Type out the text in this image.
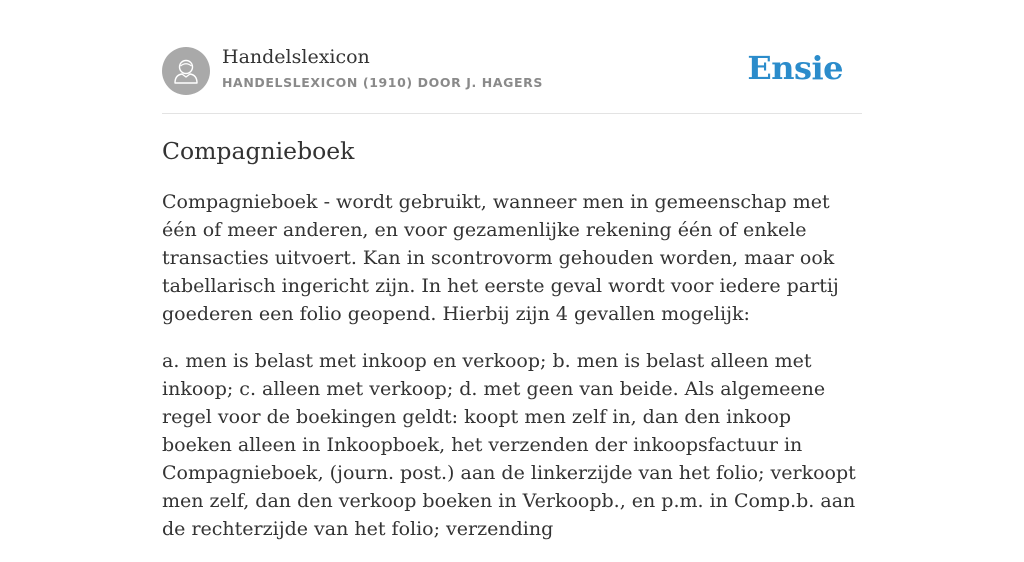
Handelslexicon
HANDELSLEXICON (1910) DOOR J. HAGERS	Ensie
Compagnieboek

Compagnieboek - wordt gebruikt, wanneer men in gemeenschap met één of meer anderen, en voor gezamenlijke rekening één of enkele transacties uitvoert. Kan in scontrovorm gehouden worden, maar ook tabellarisch ingericht zijn. In het eerste geval wordt voor iedere partij goederen een folio geopend. Hierbij zijn 4 gevallen mogelijk:

a. men is belast met inkoop en verkoop; b. men is belast alleen met inkoop; c. alleen met verkoop; d. met geen van beide. Als algemeene regel voor de boekingen geldt: koopt men zelf in, dan den inkoop boeken alleen in Inkoopboek, het verzenden der inkoopsfactuur in Compagnieboek, (journ. post.) aan de linkerzijde van het folio; verkoopt men zelf, dan den verkoop boeken in Verkoopb., en p.m. in Comp.b. aan de rechterzijde van het folio; verzending
